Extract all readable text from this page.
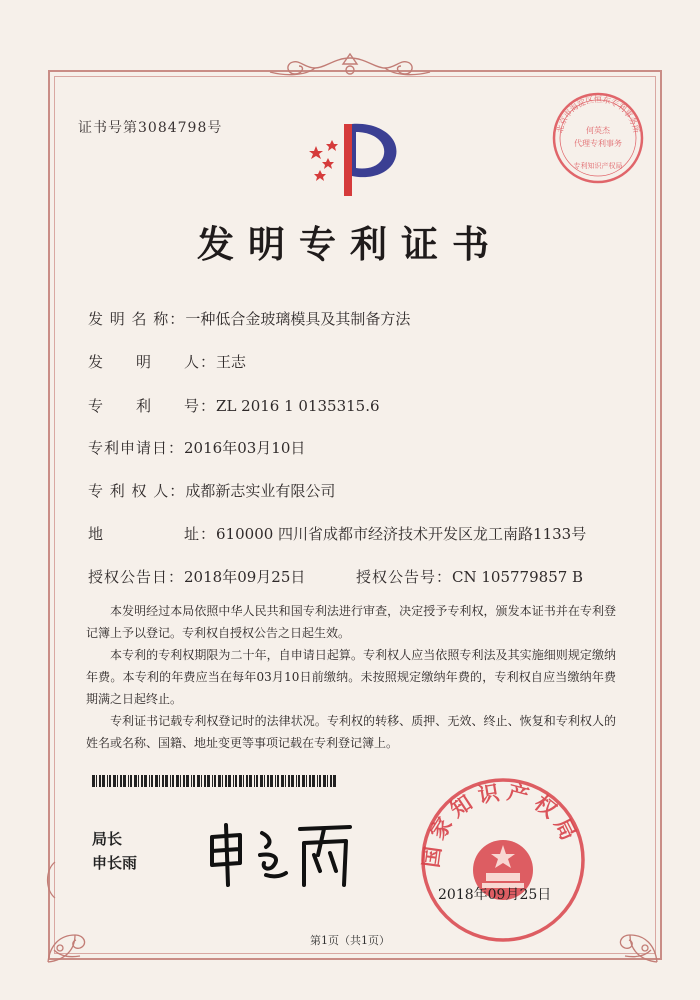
证书号第3084798号	北京市海淀区恒东专利事务所
何英杰
代理专利事务
专利知识产权局
发明专利证书
发 明 名 称：一种低合金玻璃模具及其制备方法
发　　明　　人：王志
专　　利　　号：ZL 2016 1 0135315.6
专利申请日：2016年03月10日
专 利 权 人：成都新志实业有限公司
地　　　　　址：610000 四川省成都市经济技术开发区龙工南路1133号
授权公告日：2018年09月25日	授权公告号：CN 105779857 B

本发明经过本局依照中华人民共和国专利法进行审查，决定授予专利权，颁发本证书并在专利登记簿上予以登记。专利权自授权公告之日起生效。

本专利的专利权期限为二十年，自申请日起算。专利权人应当依照专利法及其实施细则规定缴纳年费。本专利的年费应当在每年03月10日前缴纳。未按照规定缴纳年费的，专利权自应当缴纳年费期满之日起终止。

专利证书记载专利权登记时的法律状况。专利权的转移、质押、无效、终止、恢复和专利权人的姓名或名称、国籍、地址变更等事项记载在专利登记簿上。

局长
申长雨	国家知识产权局
2018年09月25日
第1页（共1页）
